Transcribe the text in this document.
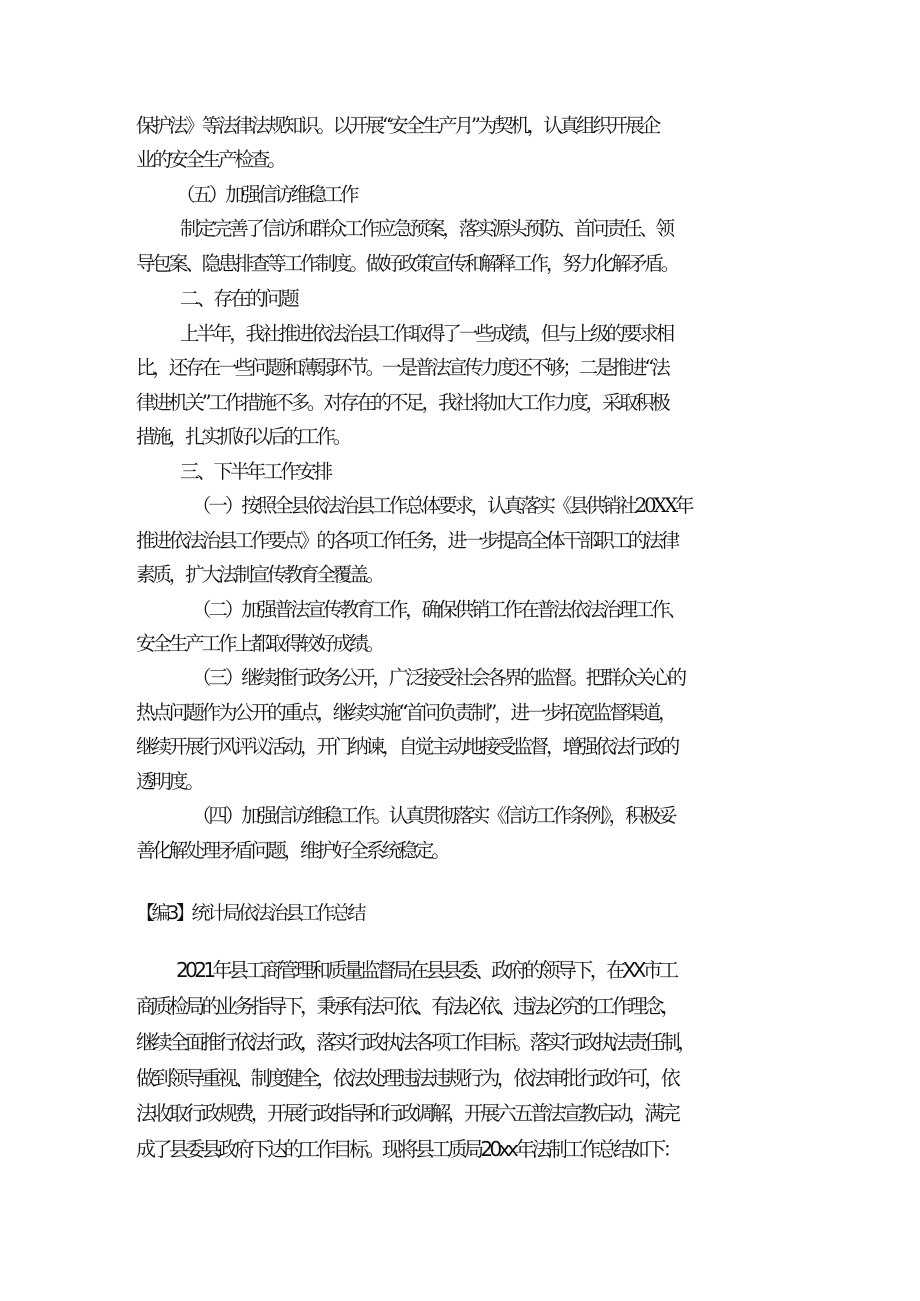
保护法》等法律法规知识。以开展“安全生产月”为契机，认真组织开展企
业的安全生产检查。
（五）加强信访维稳工作
制定完善了信访和群众工作应急预案，落实源头预防、首问责任、领
导包案、隐患排查等工作制度。做好政策宣传和解释工作，努力化解矛盾。
二、存在的问题
上半年，我社推进依法治县工作取得了一些成绩，但与上级的要求相
比，还存在一些问题和薄弱环节。一是普法宣传力度还不够；二是推进“法
律进机关”工作措施不多。对存在的不足，我社将加大工作力度，采取积极
措施，扎实抓好以后的工作。
三、下半年工作安排
（一）按照全县依法治县工作总体要求，认真落实《县供销社20XX年
推进依法治县工作要点》的各项工作任务，进一步提高全体干部职工的法律
素质，扩大法制宣传教育全覆盖。
（二）加强普法宣传教育工作，确保供销工作在普法依法治理工作、
安全生产工作上都取得较好成绩。
（三）继续推行政务公开，广泛接受社会各界的监督。把群众关心的
热点问题作为公开的重点，继续实施“首问负责制”，进一步拓宽监督渠道，
继续开展行风评议活动，开门纳谏，自觉主动地接受监督，增强依法行政的
透明度。
（四）加强信访维稳工作。认真贯彻落实《信访工作条例》，积极妥
善化解处理矛盾问题，维护好全系统稳定。
【编3】统计局依法治县工作总结
2021年县工商管理和质量监督局在县县委、政府的领导下，在XX市工
商质检局的业务指导下，秉承有法可依、有法必依、违法必究的工作理念，
继续全面推行依法行政，落实行政执法各项工作目标。落实行政执法责任制，
做到领导重视、制度健全，依法处理违法违规行为，依法审批行政许可，依
法收取行政规费，开展行政指导和行政调解，开展六五普法宣教启动，满完
成了县委县政府下达的工作目标。现将县工质局20xx年法制工作总结如下：
